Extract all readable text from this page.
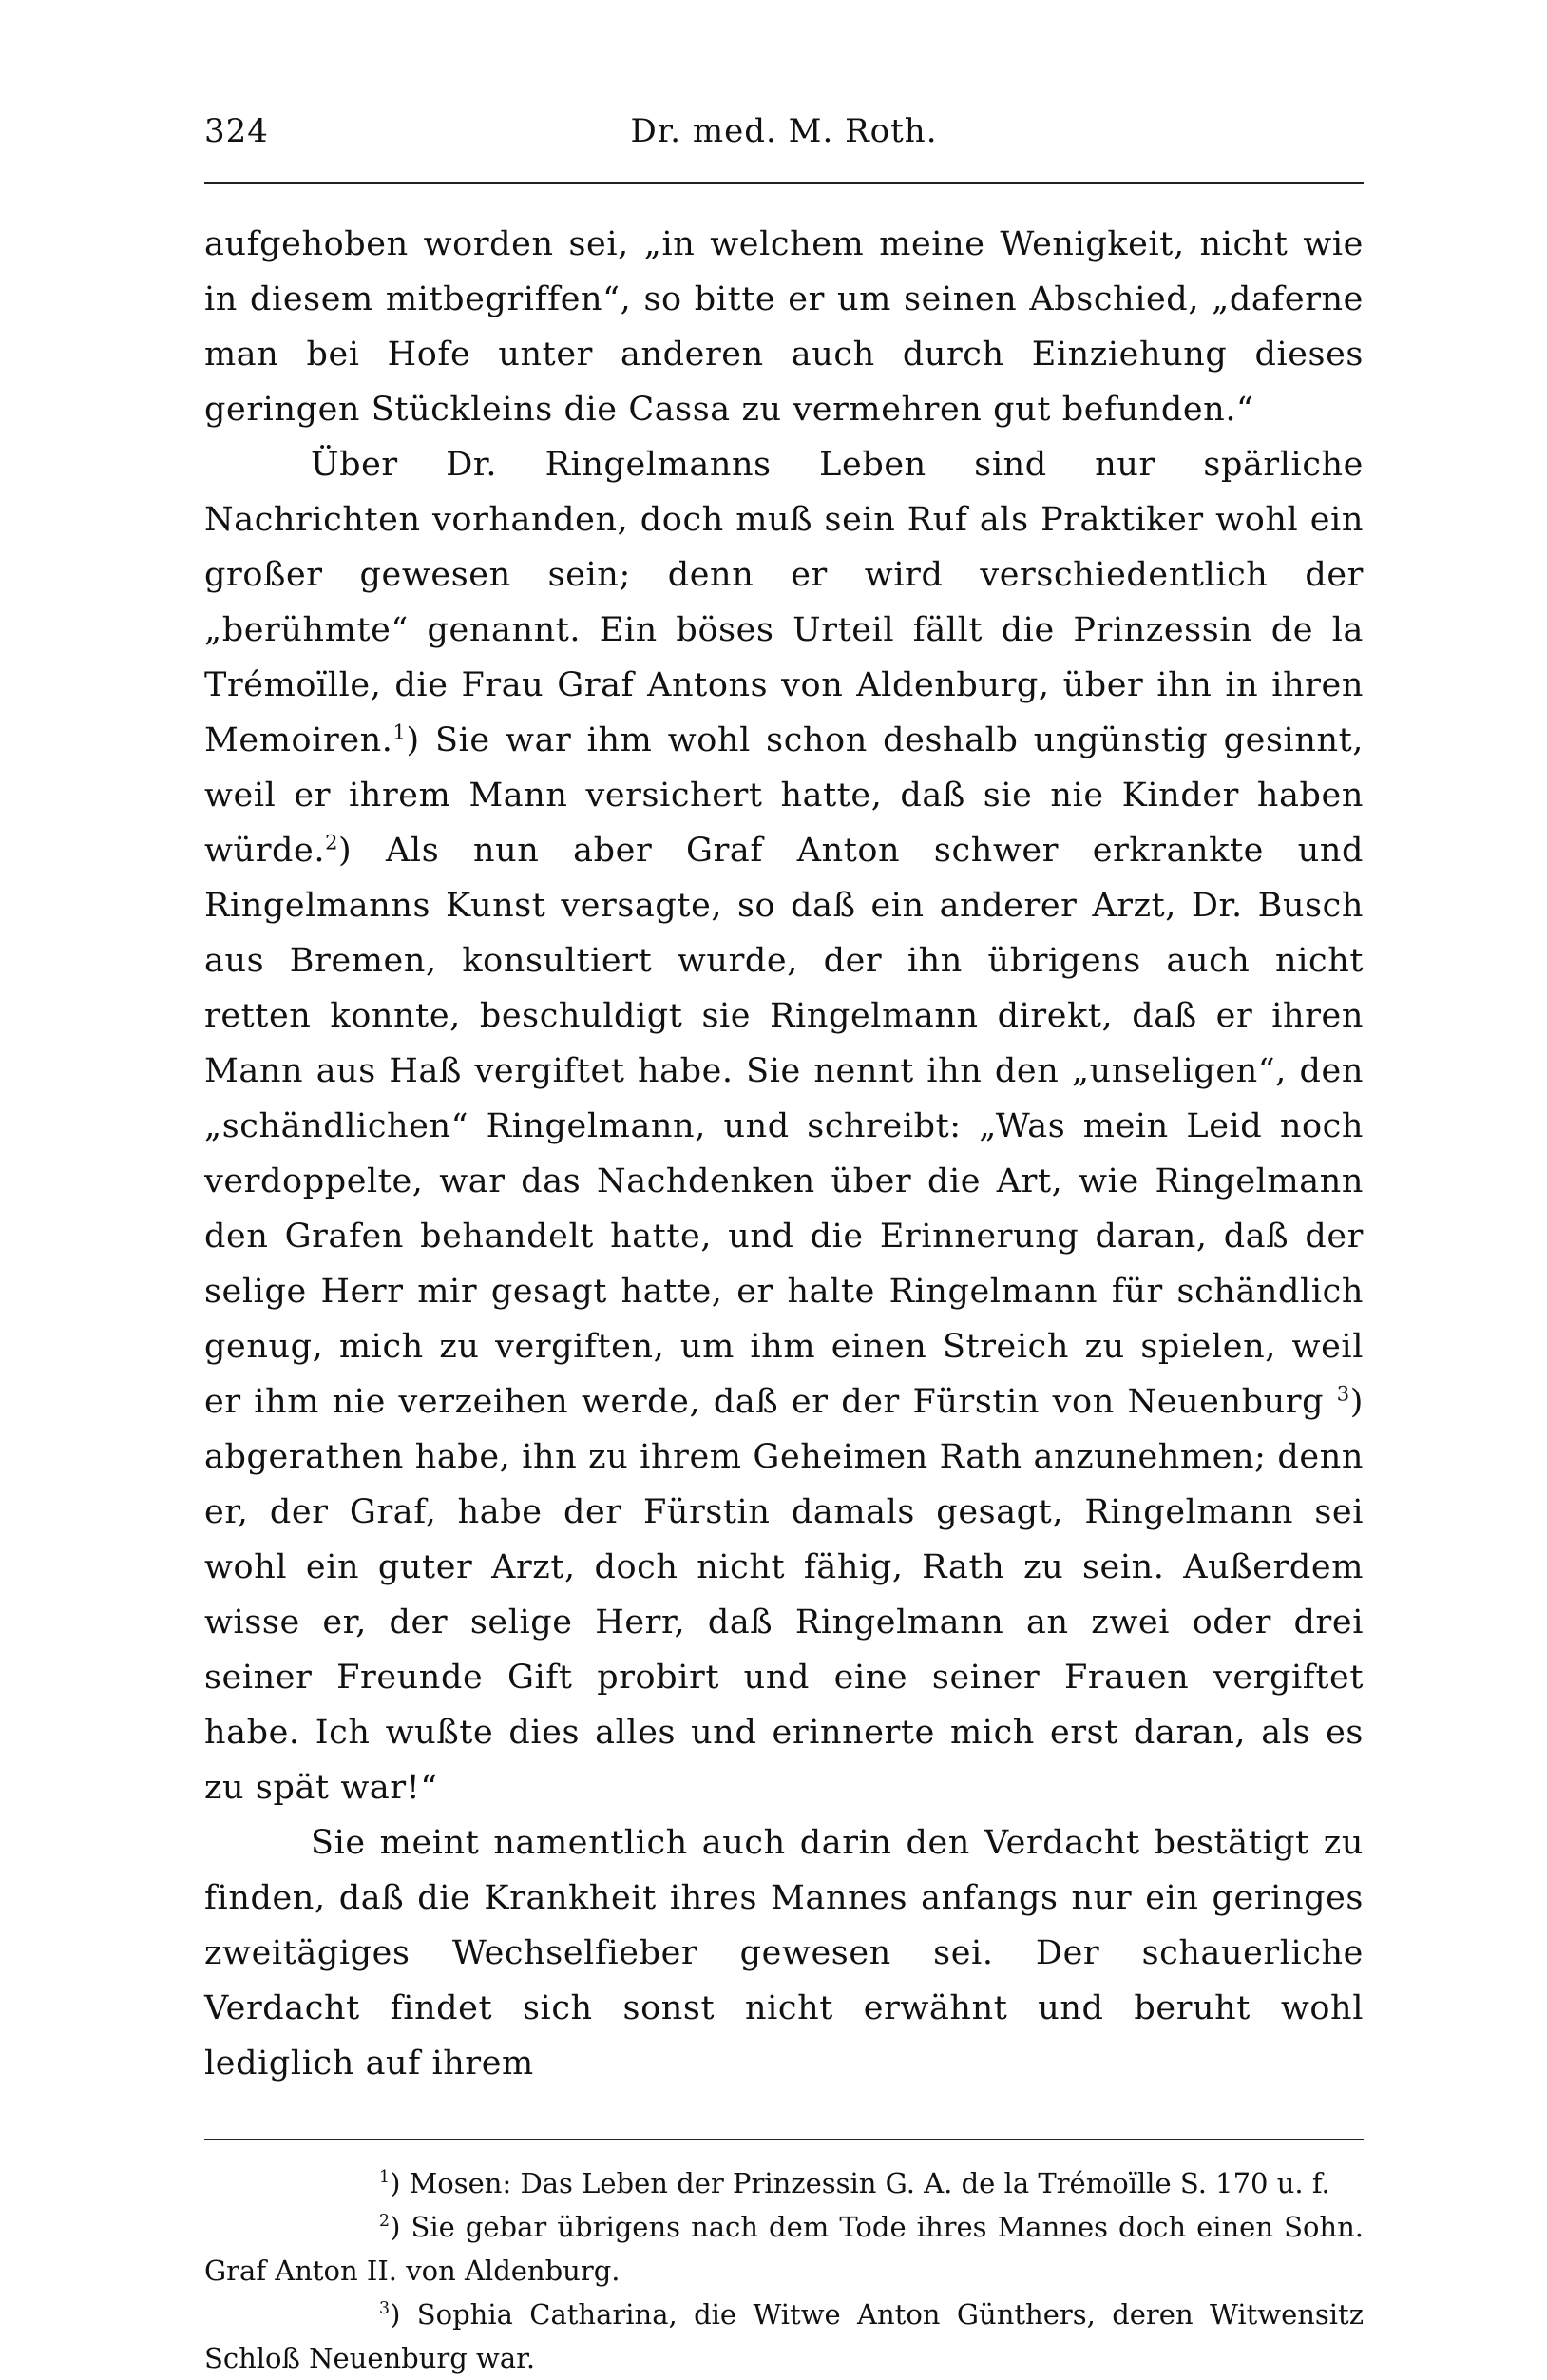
324	Dr. med. M. Roth.

aufgehoben worden sei, „in welchem meine Wenigkeit, nicht wie in diesem mitbegriffen“, so bitte er um seinen Abschied, „daferne man bei Hofe unter anderen auch durch Einziehung dieses geringen Stückleins die Cassa zu vermehren gut befunden.“

Über Dr. Ringelmanns Leben sind nur spärliche Nachrichten vorhanden, doch muß sein Ruf als Praktiker wohl ein großer gewesen sein; denn er wird verschiedentlich der „berühmte“ genannt. Ein böses Urteil fällt die Prinzessin de la Trémoïlle, die Frau Graf Antons von Aldenburg, über ihn in ihren Memoiren.$^1$) Sie war ihm wohl schon deshalb ungünstig gesinnt, weil er ihrem Mann versichert hatte, daß sie nie Kinder haben würde.$^2$) Als nun aber Graf Anton schwer erkrankte und Ringelmanns Kunst versagte, so daß ein anderer Arzt, Dr. Busch aus Bremen, konsultiert wurde, der ihn übrigens auch nicht retten konnte, beschuldigt sie Ringelmann direkt, daß er ihren Mann aus Haß vergiftet habe. Sie nennt ihn den „unseligen“, den „schändlichen“ Ringelmann, und schreibt: „Was mein Leid noch verdoppelte, war das Nachdenken über die Art, wie Ringelmann den Grafen behandelt hatte, und die Erinnerung daran, daß der selige Herr mir gesagt hatte, er halte Ringelmann für schändlich genug, mich zu vergiften, um ihm einen Streich zu spielen, weil er ihm nie verzeihen werde, daß er der Fürstin von Neuenburg $^3$) abgerathen habe, ihn zu ihrem Geheimen Rath anzunehmen; denn er, der Graf, habe der Fürstin damals gesagt, Ringelmann sei wohl ein guter Arzt, doch nicht fähig, Rath zu sein. Außerdem wisse er, der selige Herr, daß Ringelmann an zwei oder drei seiner Freunde Gift probirt und eine seiner Frauen vergiftet habe. Ich wußte dies alles und erinnerte mich erst daran, als es zu spät war!“

Sie meint namentlich auch darin den Verdacht bestätigt zu finden, daß die Krankheit ihres Mannes anfangs nur ein geringes zweitägiges Wechselfieber gewesen sei. Der schauerliche Verdacht findet sich sonst nicht erwähnt und beruht wohl lediglich auf ihrem

$^1$) Mosen: Das Leben der Prinzessin G. A. de la Trémoïlle S. 170 u. f.

$^2$) Sie gebar übrigens nach dem Tode ihres Mannes doch einen Sohn. Graf Anton II. von Aldenburg.

$^3$) Sophia Catharina, die Witwe Anton Günthers, deren Witwensitz Schloß Neuenburg war.
